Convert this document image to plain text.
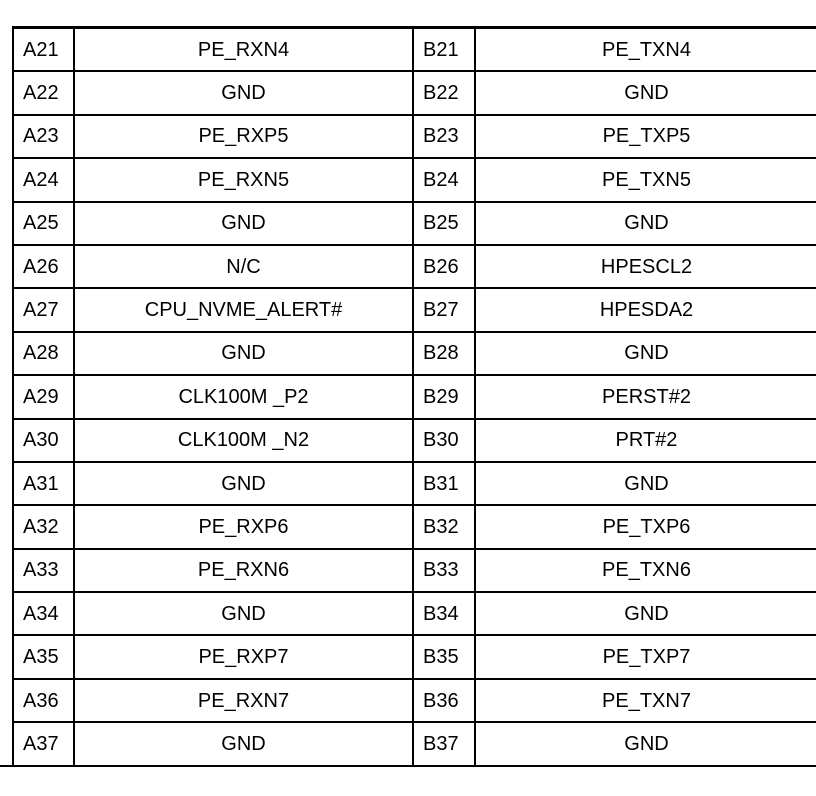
A21	PE_RXN4	B21	PE_TXN4
A22	GND	B22	GND
A23	PE_RXP5	B23	PE_TXP5
A24	PE_RXN5	B24	PE_TXN5
A25	GND	B25	GND
A26	N/C	B26	HPESCL2
A27	CPU_NVME_ALERT#	B27	HPESDA2
A28	GND	B28	GND
A29	CLK100M _P2	B29	PERST#2
A30	CLK100M _N2	B30	PRT#2
A31	GND	B31	GND
A32	PE_RXP6	B32	PE_TXP6
A33	PE_RXN6	B33	PE_TXN6
A34	GND	B34	GND
A35	PE_RXP7	B35	PE_TXP7
A36	PE_RXN7	B36	PE_TXN7
A37	GND	B37	GND
